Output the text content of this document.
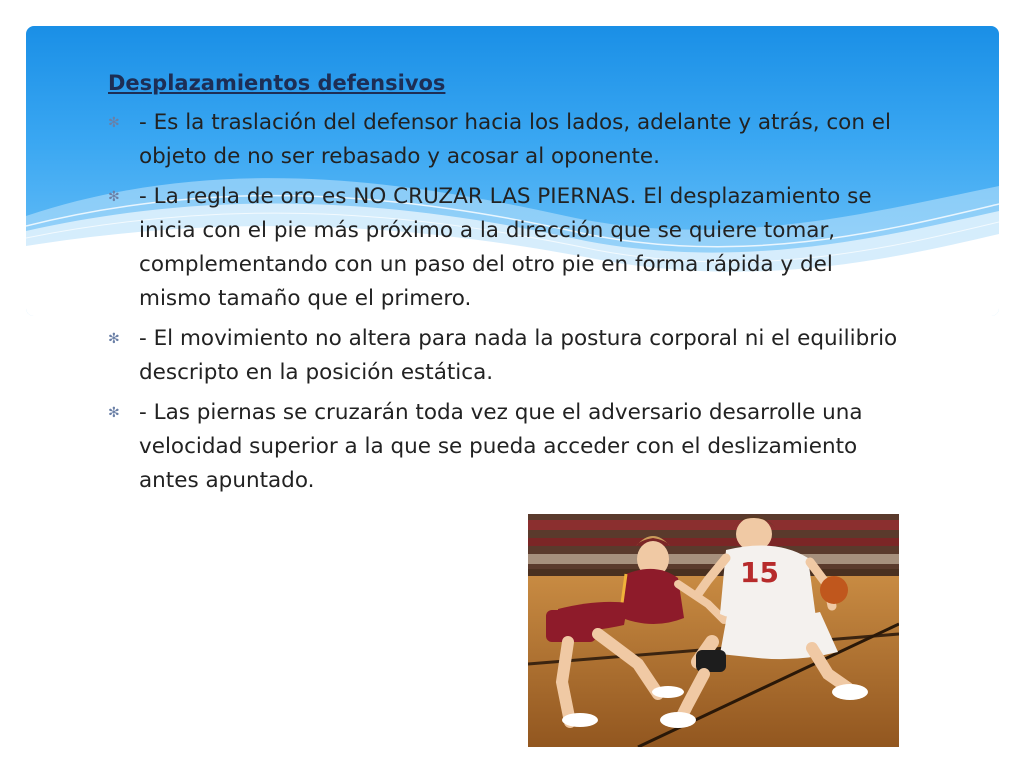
Desplazamientos defensivos
✻ - Es la traslación del defensor hacia los lados, adelante y atrás, con el objeto de no ser rebasado y acosar al oponente.
✻ - La regla de oro es NO CRUZAR LAS PIERNAS. El desplazamiento se inicia con el pie más próximo a la dirección que se quiere tomar, complementando con un paso del otro pie en forma rápida y del mismo tamaño que el primero.
✻ - El movimiento no altera para nada la postura corporal ni el equilibrio descripto en la posición estática.
✻ - Las piernas se cruzarán toda vez que el adversario desarrolle una velocidad superior a la que se pueda acceder con el deslizamiento antes apuntado.
15
